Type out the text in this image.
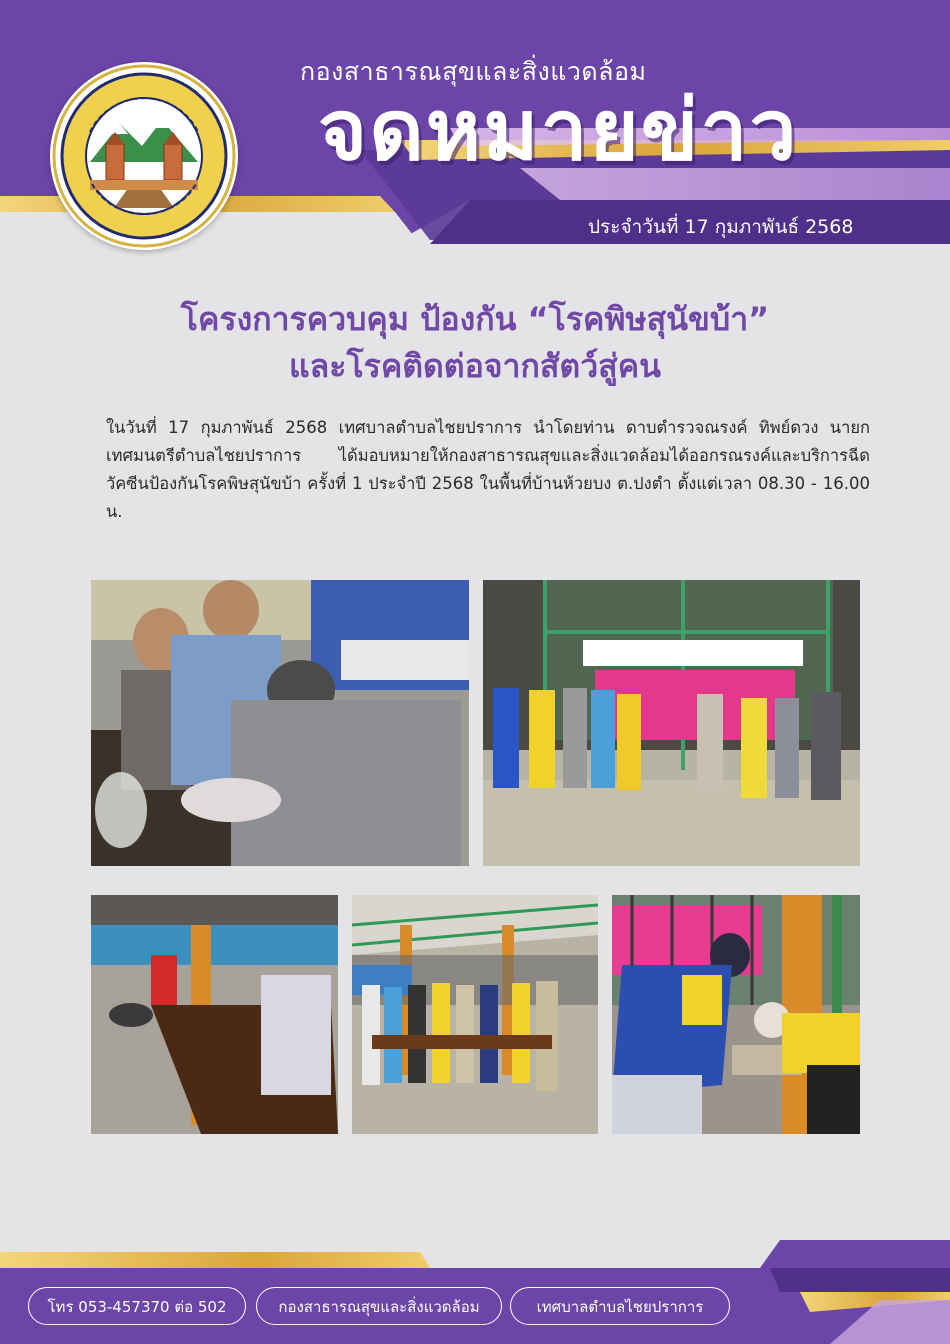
กองสาธารณสุขและสิ่งแวดล้อม
จดหมายข่าว
ประจำวันที่ 17 กุมภาพันธ์ 2568
โครงการควบคุม ป้องกัน “โรคพิษสุนัขบ้า”
และโรคติดต่อจากสัตว์สู่คน
ในวันที่ 17 กุมภาพันธ์ 2568 เทศบาลตำบลไชยปราการ นำโดยท่าน ดาบตำรวจณรงค์ ทิพย์ดวง นายกเทศมนตรีตำบลไชยปราการ ได้มอบหมายให้กองสาธารณสุขและสิ่งแวดล้อมได้ออกรณรงค์และบริการฉีดวัคซีนป้องกันโรคพิษสุนัขบ้า ครั้งที่ 1 ประจำปี 2568 ในพื้นที่บ้านห้วยบง ต.ปงตำ ตั้งแต่เวลา 08.30 - 16.00 น.
โทร 053-457370 ต่อ 502	กองสาธารณสุขและสิ่งแวดล้อม	เทศบาลตำบลไชยปราการ
